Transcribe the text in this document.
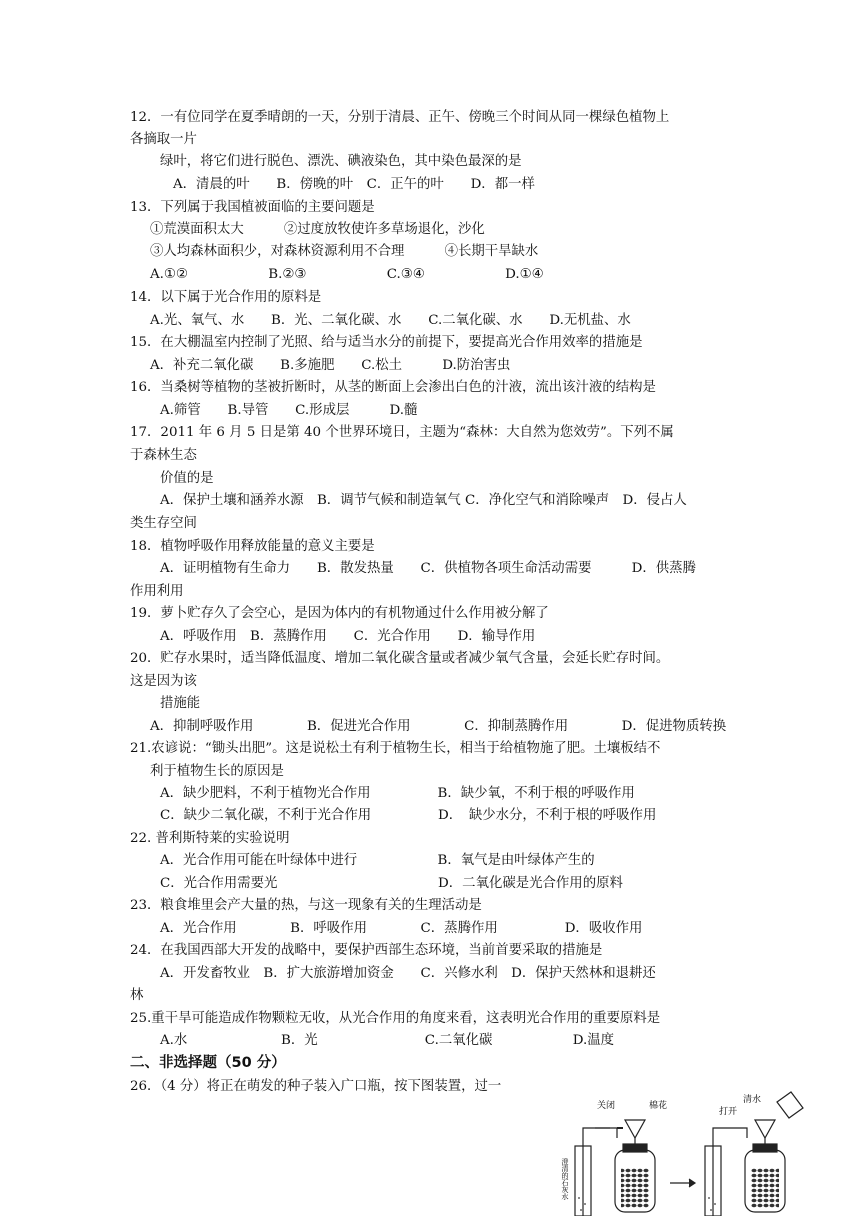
12．一有位同学在夏季晴朗的一天，分别于清晨、正午、傍晚三个时间从同一棵绿色植物上
各摘取一片
绿叶，将它们进行脱色、漂洗、碘液染色，其中染色最深的是
A．清晨的叶　　B．傍晚的叶　C．正午的叶　　D．都一样
13．下列属于我国植被面临的主要问题是
①荒漠面积太大　　　②过度放牧使许多草场退化，沙化
③人均森林面积少，对森林资源利用不合理　　　④长期干旱缺水
A.①②　　　　　　B.②③　　　　　　C.③④　　　　　　D.①④
14．以下属于光合作用的原料是
A.光、氧气、水　　B．光、二氧化碳、水　　C.二氧化碳、水　　D.无机盐、水
15．在大棚温室内控制了光照、给与适当水分的前提下，要提高光合作用效率的措施是
A．补充二氧化碳　　B.多施肥　　C.松土　　　D.防治害虫
16．当桑树等植物的茎被折断时，从茎的断面上会渗出白色的汁液，流出该汁液的结构是
A.筛管　　B.导管　　C.形成层　　　D.髓
17．2011 年 6 月 5 日是第 40 个世界环境日，主题为“森林：大自然为您效劳”。下列不属
于森林生态
价值的是
A．保护土壤和涵养水源　B．调节气候和制造氧气 C．净化空气和消除噪声　D．侵占人
类生存空间
18．植物呼吸作用释放能量的意义主要是
A．证明植物有生命力　　B．散发热量　　C．供植物各项生命活动需要　　　D．供蒸腾
作用利用
19．萝卜贮存久了会空心，是因为体内的有机物通过什么作用被分解了
A．呼吸作用　B．蒸腾作用　　C．光合作用　　D．输导作用
20．贮存水果时，适当降低温度、增加二氧化碳含量或者减少氧气含量，会延长贮存时间。
这是因为该
措施能
A．抑制呼吸作用　　　　B．促进光合作用　　　　C．抑制蒸腾作用　　　　D．促进物质转换
21.农谚说：“锄头出肥”。这是说松土有利于植物生长，相当于给植物施了肥。土壤板结不
利于植物生长的原因是
A．缺少肥料，不利于植物光合作用　　　　　B．缺少氧，不利于根的呼吸作用
C．缺少二氧化碳，不利于光合作用　　　　　D．　缺少水分，不利于根的呼吸作用
22. 普利斯特莱的实验说明
A．光合作用可能在叶绿体中进行　　　　　　B．氧气是由叶绿体产生的
C．光合作用需要光　　　　　　　　　　　　D．二氧化碳是光合作用的原料
23．粮食堆里会产大量的热，与这一现象有关的生理活动是
A．光合作用　　　　B．呼吸作用　　　　C．蒸腾作用　　　　　D．吸收作用
24．在我国西部大开发的战略中，要保护西部生态环境，当前首要采取的措施是
A．开发畜牧业　B．扩大旅游增加资金　　C．兴修水利　D．保护天然林和退耕还
林
25.重干旱可能造成作物颗粒无收，从光合作用的角度来看，这表明光合作用的重要原料是
A.水　　　　　　　B．光　　　　　　　　C.二氧化碳　　　　　　D.温度
二、非选择题（50 分）
26．（4 分）将正在萌发的种子装入广口瓶，按下图装置，过一
关闭	棉花
打开
清水
澄清的石灰水
